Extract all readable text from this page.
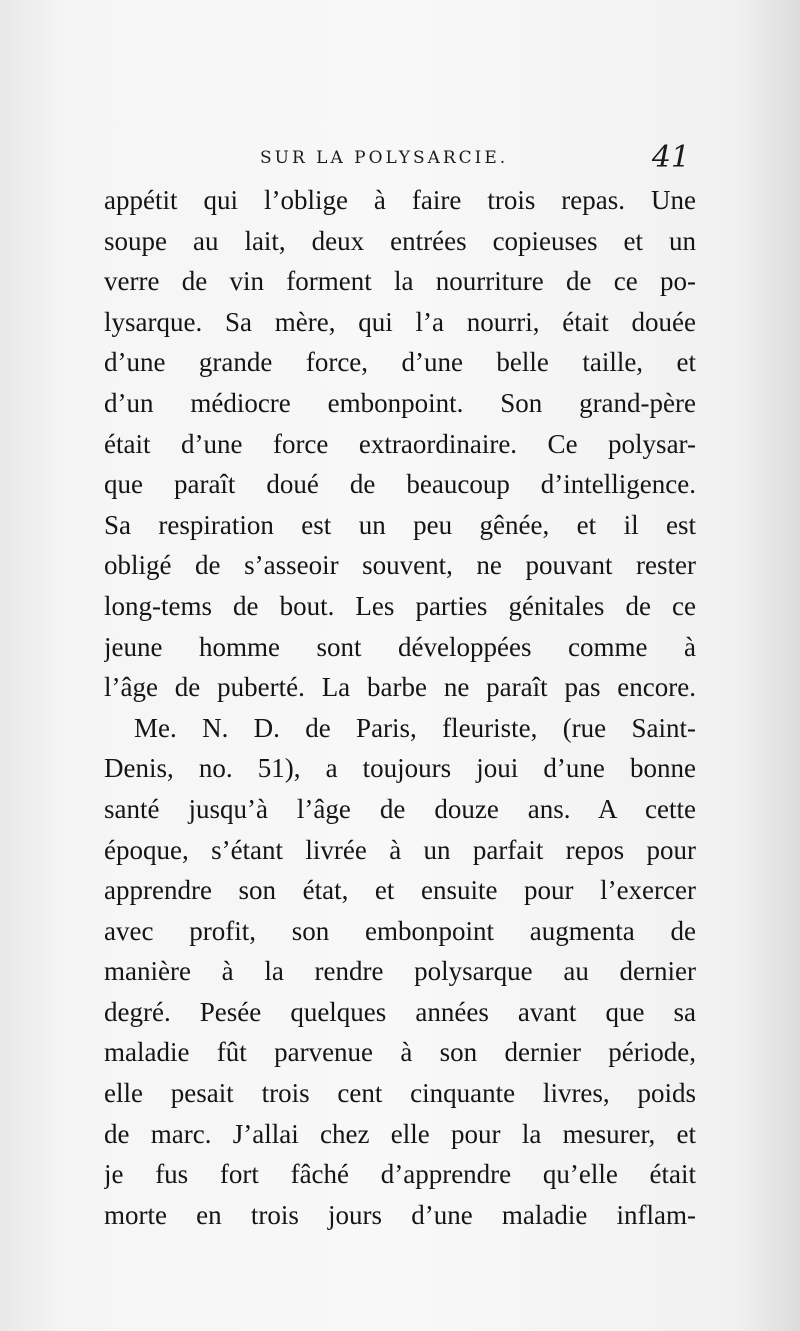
SUR LA POLYSARCIE.	41
appétit qui l’oblige à faire trois repas. Une
soupe au lait, deux entrées copieuses et un
verre de vin forment la nourriture de ce po-
lysarque. Sa mère, qui l’a nourri, était douée
d’une grande force, d’une belle taille, et
d’un médiocre embonpoint. Son grand-père
était d’une force extraordinaire. Ce polysar-
que paraît doué de beaucoup d’intelligence.
Sa respiration est un peu gênée, et il est
obligé de s’asseoir souvent, ne pouvant rester
long-tems de bout. Les parties génitales de ce
jeune homme sont développées comme à
l’âge de puberté. La barbe ne paraît pas encore.
Me. N. D. de Paris, fleuriste, (rue Saint-
Denis, no. 51), a toujours joui d’une bonne
santé jusqu’à l’âge de douze ans. A cette
époque, s’étant livrée à un parfait repos pour
apprendre son état, et ensuite pour l’exercer
avec profit, son embonpoint augmenta de
manière à la rendre polysarque au dernier
degré. Pesée quelques années avant que sa
maladie fût parvenue à son dernier période,
elle pesait trois cent cinquante livres, poids
de marc. J’allai chez elle pour la mesurer, et
je fus fort fâché d’apprendre qu’elle était
morte en trois jours d’une maladie inflam-
